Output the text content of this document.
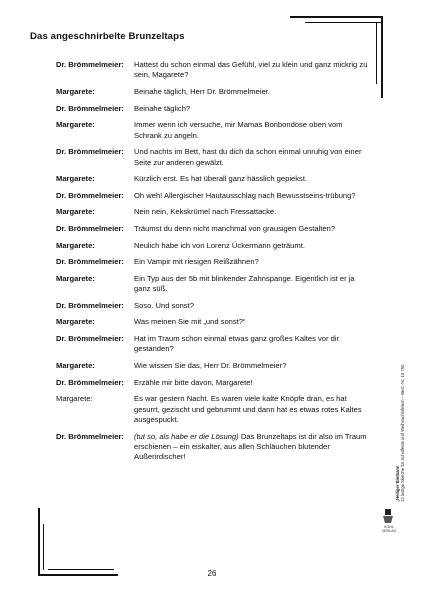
Das angeschnirbelte Brunzeltaps
Dr. Brömmelmeier:	Hattest du schon einmal das Gefühl, viel zu klein und ganz mickrig zu sein, Magarete?
Margarete:	Beinahe täglich, Herr Dr. Brömmelmeier.
Dr. Brömmelmeier:	Beinahe täglich?
Margarete:	Immer wenn ich versuche, mir Mamas Bonbondose oben vom Schrank zu angeln.
Dr. Brömmelmeier:	Und nachts im Bett, hast du dich da schon einmal unruhig von einer Seite zur anderen gewälzt.
Margarete:	Kürzlich erst. Es hat überall ganz hässlich gepiekst.
Dr. Brömmelmeier:	Oh weh! Allergischer Hautausschlag nach Bewusstseins-trübung?
Margarete:	Nein nein, Kekskrümel nach Fressattacke.
Dr. Brömmelmeier:	Träumst du denn nicht manchmal von grausigen Gestalten?
Margarete:	Neulich habe ich von Lorenz Ückermann geträumt.
Dr. Brömmelmeier:	Ein Vampir mit riesigen Reißzähnen?
Margarete:	Ein Typ aus der 5b mit blinkender Zahnspange. Eigentlich ist er ja ganz süß.
Dr. Brömmelmeier:	Soso. Und sonst?
Margarete:	Was meinen Sie mit „und sonst?“
Dr. Brömmelmeier:	Hat im Traum schon einmal etwas ganz großes Kaltes vor dir gestanden?
Margarete:	Wie wissen Sie das, Herr Dr. Brömmelmeier?
Dr. Brömmelmeier:	Erzähle mir bitte davon, Margarete!
Margarete:	Es war gestern Nacht. Es waren viele kalte Knöpfe dran, es hat gesurrt, gezischt und gebrummt und dann hat es etwas rotes Kaltes ausgespuckt.
Dr. Brömmelmeier:	(tut so, als habe er die Lösung) Das Brunzeltaps ist dir also im Traum erschienen – ein eiskalter, aus allen Schläuchen blutender Außerirdischer!
26
„Heiliger Bimbam! 12 lustige Sketche für Schulfeste und Weihnachtsfeiern – Best.-Nr. 10 750
KOHL VERLAG
